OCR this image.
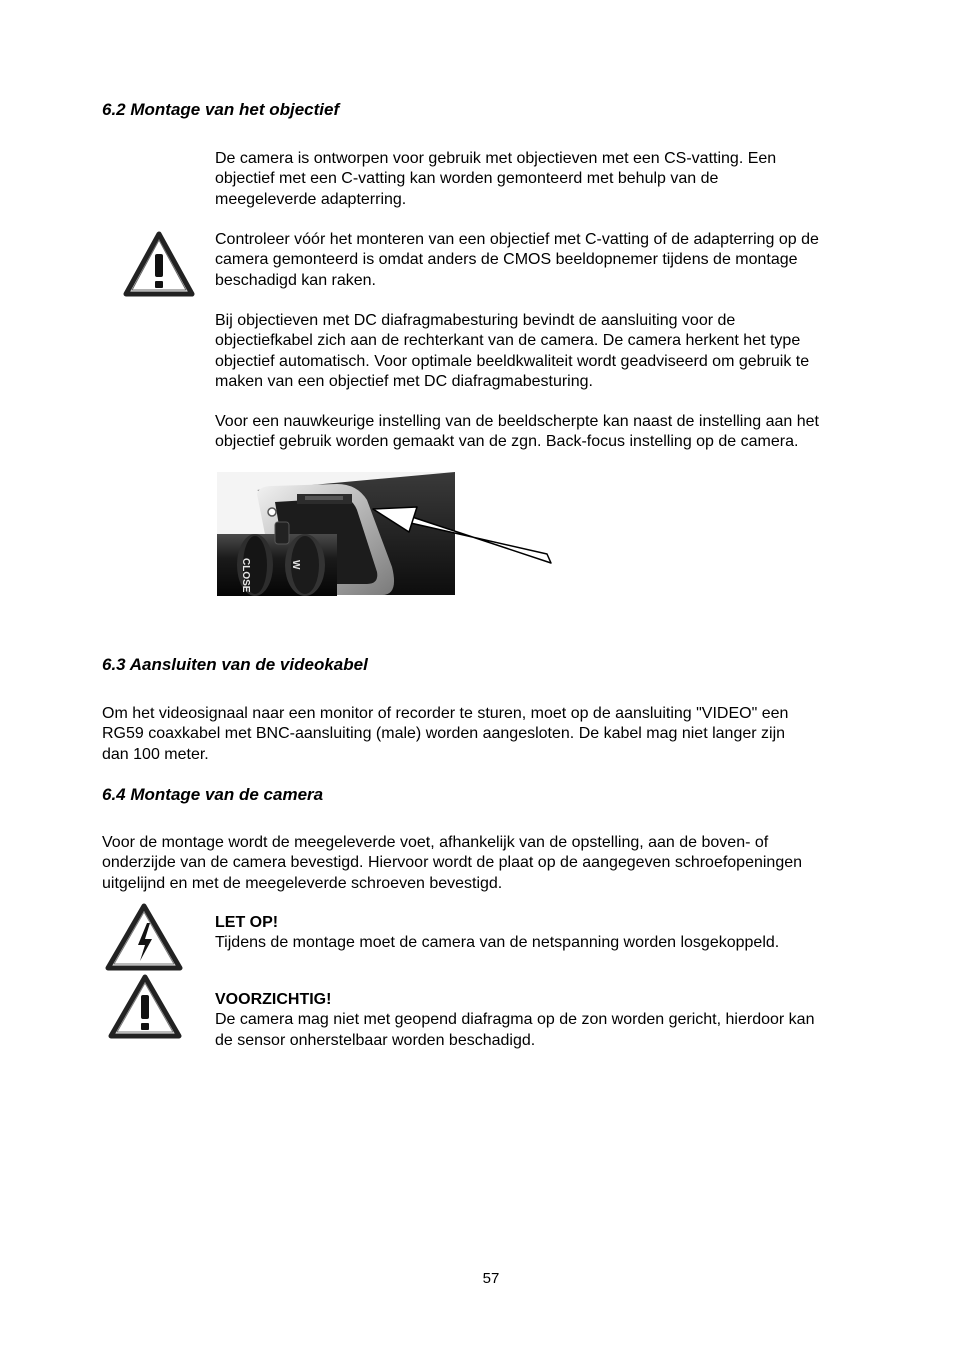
6.2 Montage van het objectief
De camera is ontworpen voor gebruik met objectieven met een CS-vatting. Een
objectief met een C-vatting kan worden gemonteerd met behulp van de
meegeleverde adapterring.
Controleer vóór het monteren van een objectief met C-vatting of de adapterring op de
camera gemonteerd is omdat anders de CMOS beeldopnemer tijdens de montage
beschadigd kan raken.
Bij objectieven met DC diafragmabesturing bevindt de aansluiting voor de
objectiefkabel zich aan de rechterkant van de camera. De camera herkent het type
objectief automatisch. Voor optimale beeldkwaliteit wordt geadviseerd om gebruik te
maken van een objectief met DC diafragmabesturing.
Voor een nauwkeurige instelling van de beeldscherpte kan naast de instelling aan het
objectief gebruik worden gemaakt van de zgn. Back-focus instelling op de camera.
CLOSE	W
6.3 Aansluiten van de videokabel
Om het videosignaal naar een monitor of recorder te sturen, moet op de aansluiting "VIDEO" een
RG59 coaxkabel met BNC-aansluiting (male) worden aangesloten. De kabel mag niet langer zijn
dan 100 meter.
6.4 Montage van de camera
Voor de montage wordt de meegeleverde voet, afhankelijk van de opstelling, aan de boven- of
onderzijde van de camera bevestigd. Hiervoor wordt de plaat op de aangegeven schroefopeningen
uitgelijnd en met de meegeleverde schroeven bevestigd.
LET OP!
Tijdens de montage moet de camera van de netspanning worden losgekoppeld.
VOORZICHTIG!
De camera mag niet met geopend diafragma op de zon worden gericht, hierdoor kan
de sensor onherstelbaar worden beschadigd.
57
